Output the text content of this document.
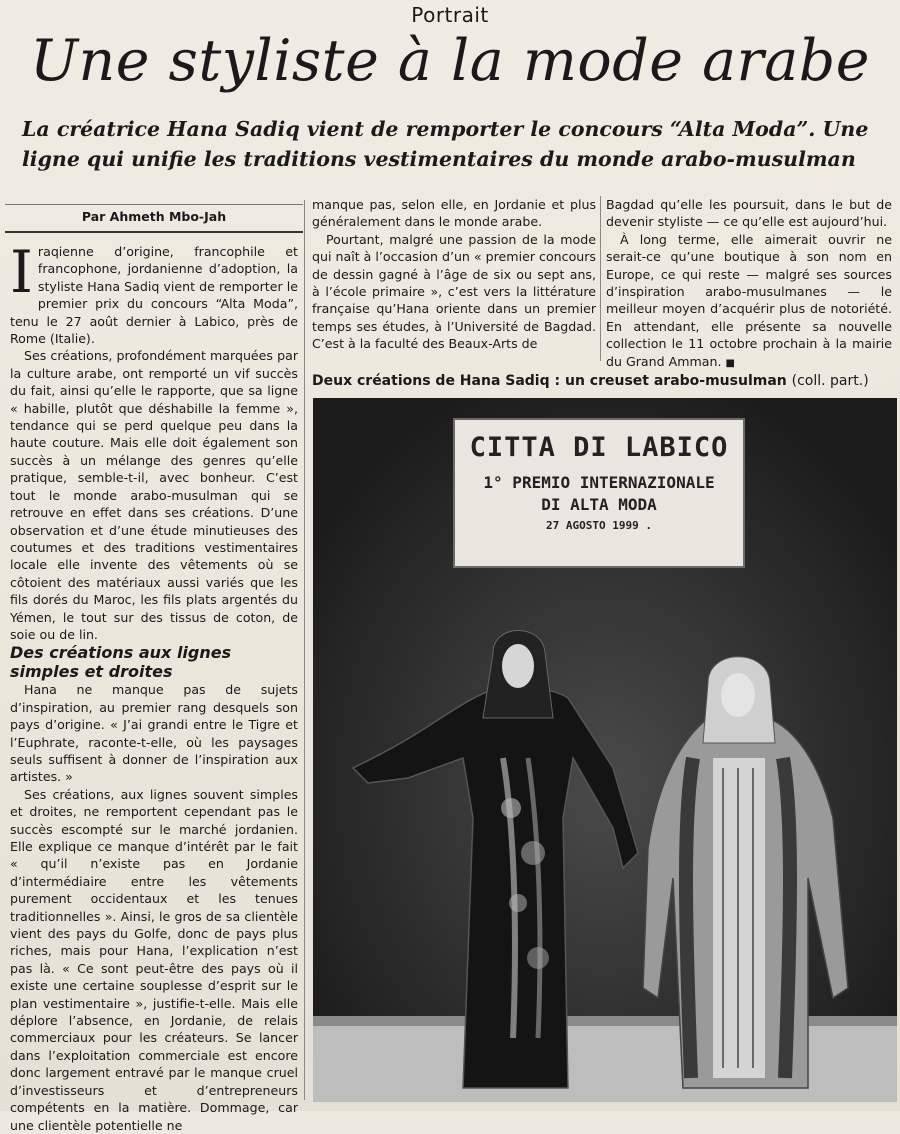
Portrait
Une styliste à la mode arabe
La créatrice Hana Sadiq vient de remporter le concours “Alta Moda”. Une ligne qui unifie les traditions vestimentaires du monde arabo-musulman
Par Ahmeth Mbo-Jah

Iraqienne d’origine, francophile et francophone, jordanienne d’adoption, la styliste Hana Sadiq vient de remporter le premier prix du concours “Alta Moda”, tenu le 27 août dernier à Labico, près de Rome (Italie).

Ses créations, profondément marquées par la culture arabe, ont remporté un vif succès du fait, ainsi qu’elle le rapporte, que sa ligne « habille, plutôt que déshabille la femme », tendance qui se perd quelque peu dans la haute couture. Mais elle doit également son succès à un mélange des genres qu’elle pratique, semble-t-il, avec bonheur. C’est tout le monde arabo-musulman qui se retrouve en effet dans ses créations. D’une observation et d’une étude minutieuses des coutumes et des traditions vestimentaires locale elle invente des vêtements où se côtoient des matériaux aussi variés que les fils dorés du Maroc, les fils plats argentés du Yémen, le tout sur des tissus de coton, de soie ou de lin.

Des créations aux lignes simples et droites

Hana ne manque pas de sujets d’inspiration, au premier rang desquels son pays d’origine. « J’ai grandi entre le Tigre et l’Euphrate, raconte-t-elle, où les paysages seuls suffisent à donner de l’inspiration aux artistes. »

Ses créations, aux lignes souvent simples et droites, ne remportent cependant pas le succès escompté sur le marché jordanien. Elle explique ce manque d’intérêt par le fait « qu’il n’existe pas en Jordanie d’intermédiaire entre les vêtements purement occidentaux et les tenues traditionnelles ». Ainsi, le gros de sa clientèle vient des pays du Golfe, donc de pays plus riches, mais pour Hana, l’explication n’est pas là. « Ce sont peut-être des pays où il existe une certaine souplesse d’esprit sur le plan vestimentaire », justifie-t-elle. Mais elle déplore l’absence, en Jordanie, de relais commerciaux pour les créateurs. Se lancer dans l’exploitation commerciale est encore donc largement entravé par le manque cruel d’investisseurs et d’entrepreneurs compétents en la matière. Dommage, car une clientèle potentielle ne

manque pas, selon elle, en Jordanie et plus généralement dans le monde arabe.

Pourtant, malgré une passion de la mode qui naît à l’occasion d’un « premier concours de dessin gagné à l’âge de six ou sept ans, à l’école primaire », c’est vers la littérature française qu’Hana oriente dans un premier temps ses études, à l’Université de Bagdad. C’est à la faculté des Beaux-Arts de

Bagdad qu’elle les poursuit, dans le but de devenir styliste — ce qu’elle est aujourd’hui.

À long terme, elle aimerait ouvrir ne serait-ce qu’une boutique à son nom en Europe, ce qui reste — malgré ses sources d’inspiration arabo-musulmanes — le meilleur moyen d’acquérir plus de notoriété. En attendant, elle présente sa nouvelle collection le 11 octobre prochain à la mairie du Grand Amman. ■

Deux créations de Hana Sadiq : un creuset arabo-musulman (coll. part.)
CITTA DI LABICO
1° PREMIO INTERNAZIONALE
DI ALTA MODA
27 AGOSTO 1999 .
